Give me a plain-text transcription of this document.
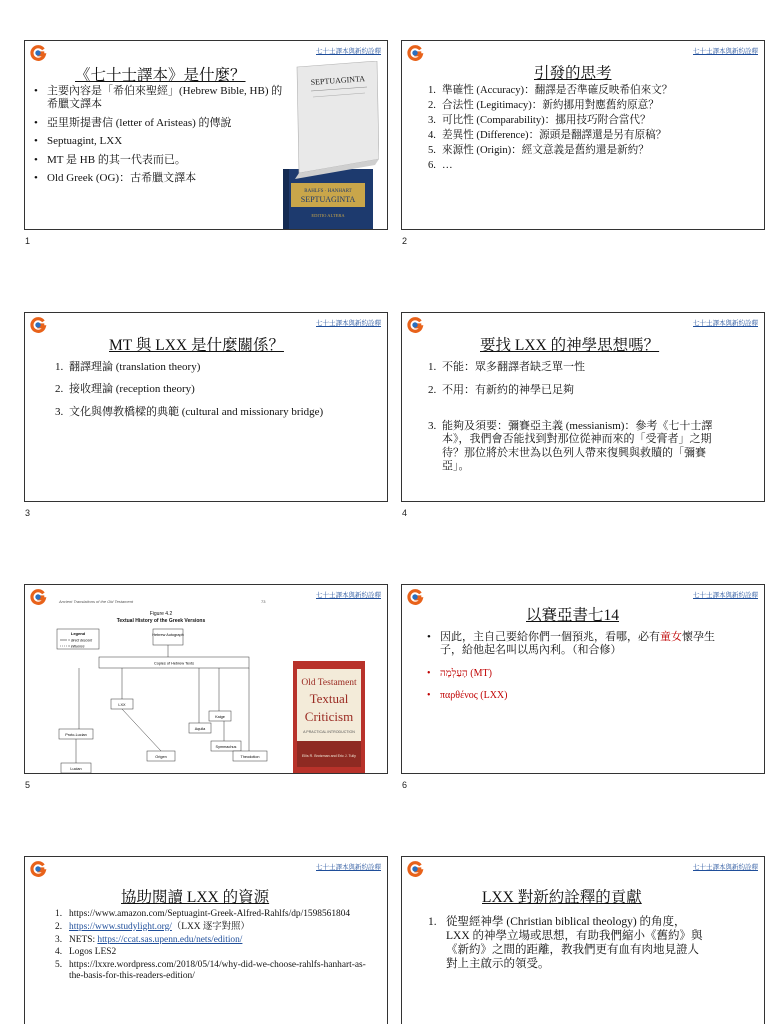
七十士譯本與新約詮釋
《七十士譯本》是什麼？
• 主要內容是「希伯來聖經」(Hebrew Bible, HB) 的希臘文譯本
• 亞里斯提書信 (letter of Aristeas) 的傳說
• Septuagint, LXX
• MT 是 HB 的其一代表而已。
• Old Greek (OG)：古希臘文譯本
RAHLFS · HANHART
SEPTUAGINTA
EDITIO ALTERA
SEPTUAGINTA
1
七十士譯本與新約詮釋
引發的思考
1. 準確性 (Accuracy)：翻譯是否準確反映希伯來文？
2. 合法性 (Legitimacy)：新約挪用對應舊約原意？
3. 可比性 (Comparability)：挪用技巧附合當代？
4. 差異性 (Difference)：源頭是翻譯還是另有原稿？
5. 來源性 (Origin)：經文意義是舊約還是新約？
6. …
2
七十士譯本與新約詮釋
MT 與 LXX 是什麼關係？
1. 翻譯理論 (translation theory)
2. 接收理論 (reception theory)
3. 文化與傳教橋樑的典範 (cultural and missionary bridge)
3
七十士譯本與新約詮釋
要找 LXX 的神學思想嗎？
1. 不能：眾多翻譯者缺乏單一性
2. 不用：有新約的神學已足夠
3. 能夠及須要：彌賽亞主義 (messianism)：參考《七十士譯本》，我們會否能找到對那位從神而來的「受膏者」之期待？那位將於末世為以色列人帶來復興與救贖的「彌賽亞」。
4
七十士譯本與新約詮釋
Ancient Translations of the Old Testament	73
Figure 4.2
Textual History of the Greek Versions
Legend
= direct descent
= influence
Hebrew Autograph
Copies of Hebrew Texts
LXX
Kaige
Proto-Lucian
Aquila
Symmachus
Origen	Theodotion
Lucian
Old Testament
Textual
Criticism
A PRACTICAL INTRODUCTION
Ellis R. Brotzman and Eric J. Tully
5
七十士譯本與新約詮釋
以賽亞書七14
• 因此，主自己要給你們一個預兆，看哪，必有童女懷孕生子，給他起名叫以馬內利。（和合修）
• הָעַלְמָה (MT)
• παρθένος (LXX)
6
七十士譯本與新約詮釋
協助閱讀 LXX 的資源
1. https://www.amazon.com/Septuagint-Greek-Alfred-Rahlfs/dp/1598561804
2. https://www.studylight.org/（LXX 逐字對照）
3. NETS: https://ccat.sas.upenn.edu/nets/edition/
4. Logos LES2
5. https://lxxre.wordpress.com/2018/05/14/why-did-we-choose-rahlfs-hanhart-as-the-basis-for-this-readers-edition/
七十士譯本與新約詮釋
LXX 對新約詮釋的貢獻
1. 從聖經神學 (Christian biblical theology) 的角度，LXX 的神學立場或思想，有助我們縮小《舊約》與《新約》之間的距離，教我們更有血有肉地見證人對上主啟示的領受。
